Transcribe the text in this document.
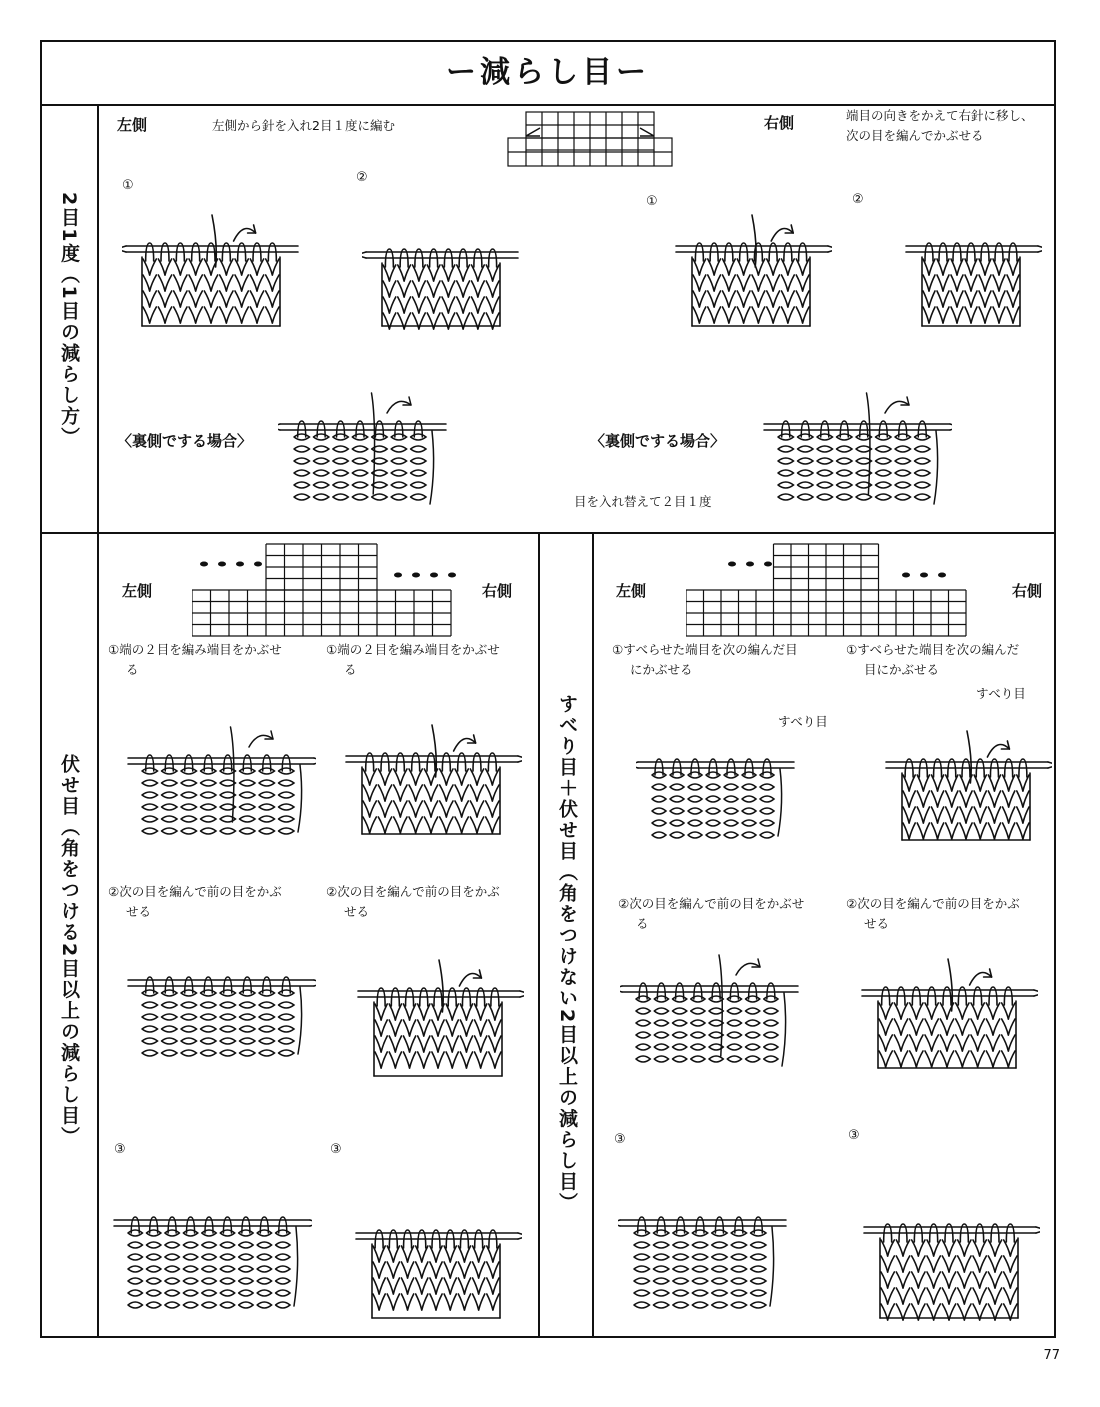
77
ー減らし目ー
2目1度（1目の減らし方）
伏せ目（角をつける2目以上の減らし目）	すべり目＋伏せ目（角をつけない2目以上の減らし目）
左側	左側から針を入れ2目１度に編む	右側	端目の向きをかえて右針に移し、
次の目を編んでかぶせる
①
②
①	②
〈裏側でする場合〉	〈裏側でする場合〉
目を入れ替えて２目１度
左側	右側
①端の２目を編み端目をかぶせ
る
①端の２目を編み端目をかぶせ
る
②次の目を編んで前の目をかぶ
せる
②次の目を編んで前の目をかぶ
せる
③	③
左側	右側
①すべらせた端目を次の編んだ目
にかぶせる
①すべらせた端目を次の編んだ
目にかぶせる
すべり目
すべり目
②次の目を編んで前の目をかぶせ
る
②次の目を編んで前の目をかぶ
せる
③	③
